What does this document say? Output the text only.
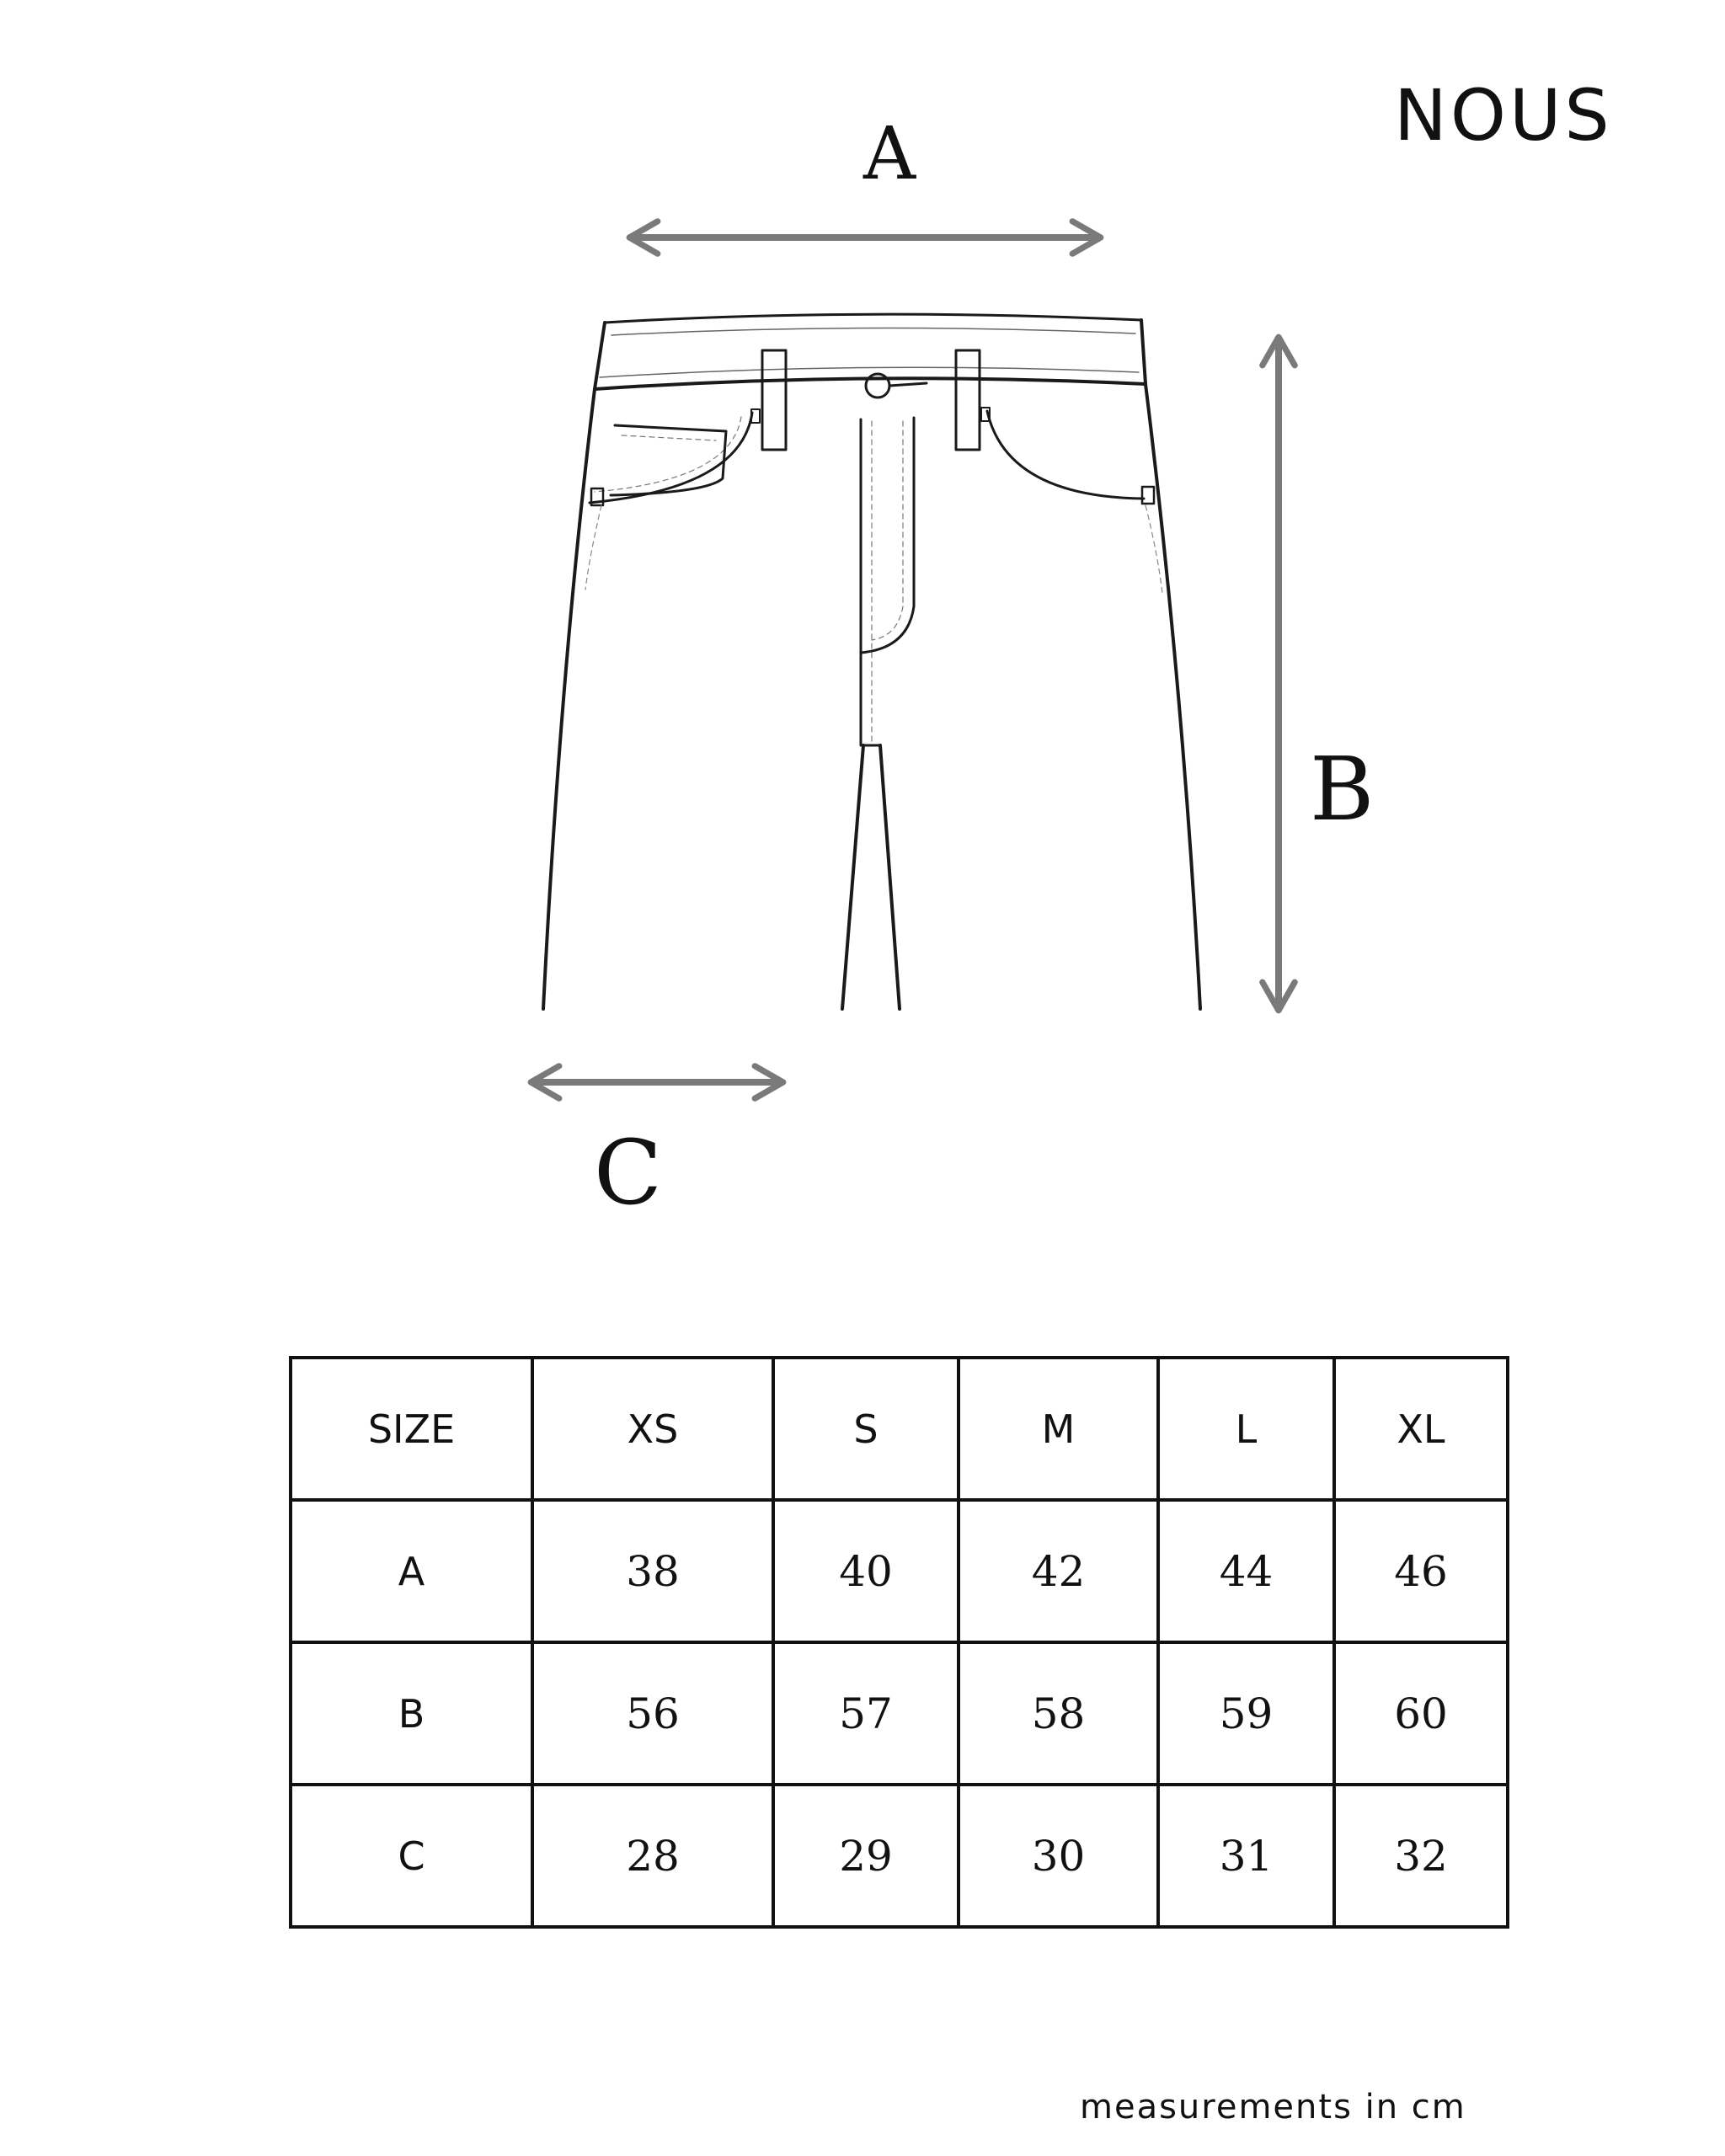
NOUS
A
B
C
SIZE	XS	S	M	L	XL
A	38	40	42	44	46
B	56	57	58	59	60
C	28	29	30	31	32
measurements in cm
